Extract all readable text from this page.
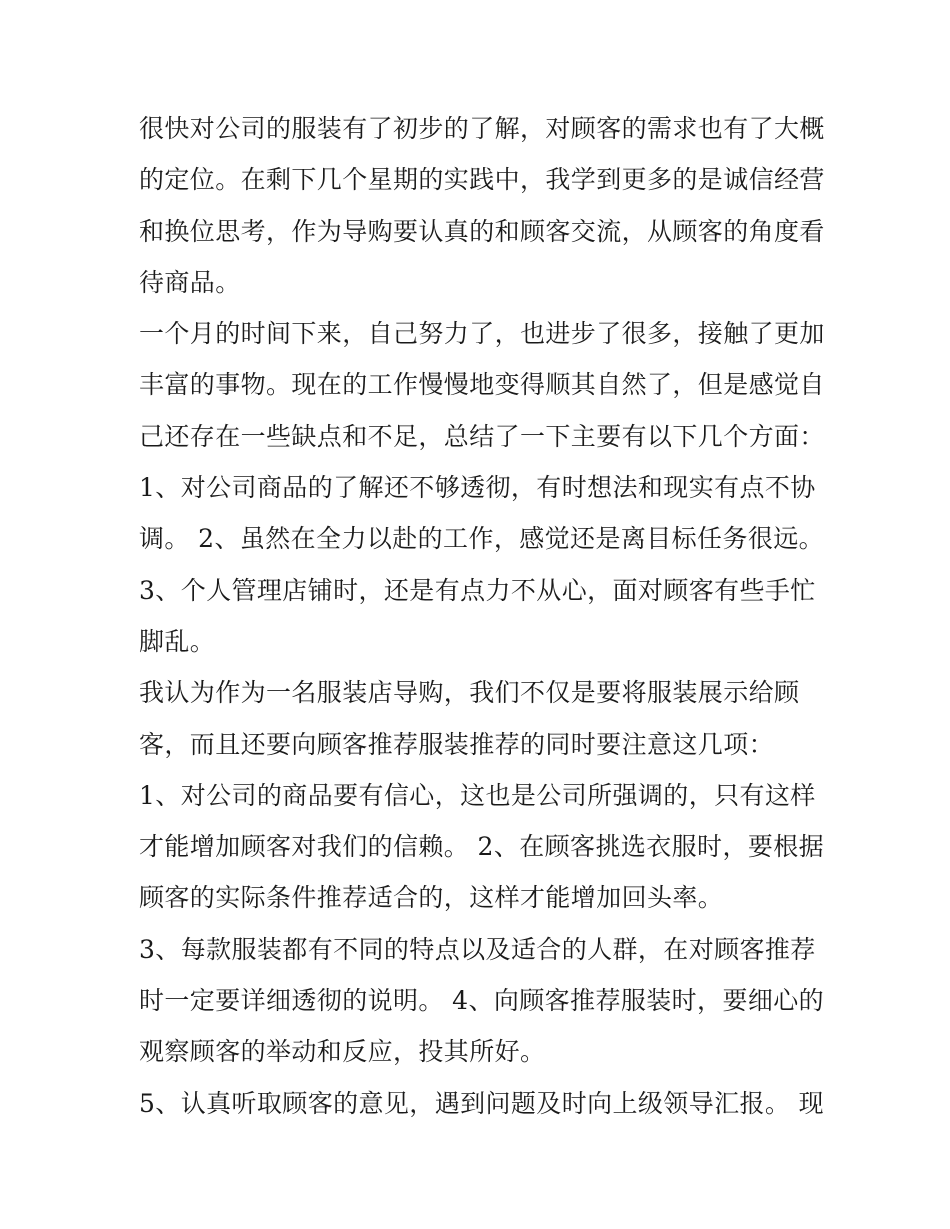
很快对公司的服装有了初步的了解，对顾客的需求也有了大概
的定位。在剩下几个星期的实践中，我学到更多的是诚信经营
和换位思考，作为导购要认真的和顾客交流，从顾客的角度看
待商品。
一个月的时间下来，自己努力了，也进步了很多，接触了更加
丰富的事物。现在的工作慢慢地变得顺其自然了，但是感觉自
己还存在一些缺点和不足，总结了一下主要有以下几个方面：
1、对公司商品的了解还不够透彻，有时想法和现实有点不协
调。 2、虽然在全力以赴的工作，感觉还是离目标任务很远。
3、个人管理店铺时，还是有点力不从心，面对顾客有些手忙
脚乱。
我认为作为一名服装店导购，我们不仅是要将服装展示给顾
客，而且还要向顾客推荐服装推荐的同时要注意这几项：
1、对公司的商品要有信心，这也是公司所强调的，只有这样
才能增加顾客对我们的信赖。 2、在顾客挑选衣服时，要根据
顾客的实际条件推荐适合的，这样才能增加回头率。
3、每款服装都有不同的特点以及适合的人群，在对顾客推荐
时一定要详细透彻的说明。 4、向顾客推荐服装时，要细心的
观察顾客的举动和反应，投其所好。
5、认真听取顾客的意见，遇到问题及时向上级领导汇报。 现
